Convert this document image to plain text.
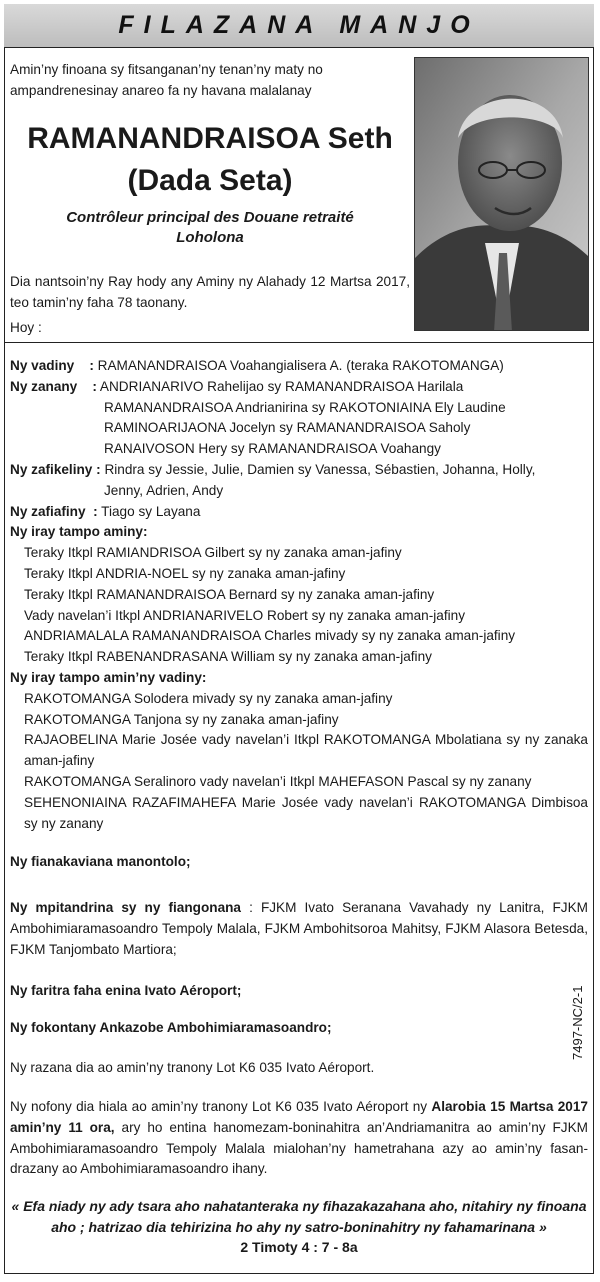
FILAZANA MANJO
Amin’ny finoana sy fitsanganan’ny tenan’ny maty no ampandrenesinay anareo fa ny havana malalanay
RAMANANDRAISOA Seth
(Dada Seta)
Contrôleur principal des Douane retraité
Loholona
Dia nantsoin’ny Ray hody any Aminy ny Alahady 12 Martsa 2017, teo tamin’ny faha 78 taonany.
Hoy :
Ny vadiny    : RAMANANDRAISOA Voahangialisera A. (teraka RAKOTOMANGA)
Ny zanany    : ANDRIANARIVO Rahelijao sy RAMANANDRAISOA Harilala
RAMANANDRAISOA Andrianirina sy RAKOTONIAINA Ely Laudine
RAMINOARIJAONA Jocelyn sy RAMANANDRAISOA Saholy
RANAIVOSON Hery sy RAMANANDRAISOA Voahangy
Ny zafikeliny : Rindra sy Jessie, Julie, Damien sy Vanessa, Sébastien, Johanna, Holly,
Jenny, Adrien, Andy
Ny zafiafiny  : Tiago sy Layana
Ny iray tampo aminy:
Teraky Itkpl RAMIANDRISOA Gilbert sy ny zanaka aman-jafiny
Teraky Itkpl ANDRIA-NOEL sy ny zanaka aman-jafiny
Teraky Itkpl RAMANANDRAISOA Bernard sy ny zanaka aman-jafiny
Vady navelan’i Itkpl ANDRIANARIVELO Robert sy ny zanaka aman-jafiny
ANDRIAMALALA RAMANANDRAISOA Charles mivady sy ny zanaka aman-jafiny
Teraky Itkpl RABENANDRASANA William sy ny zanaka aman-jafiny
Ny iray tampo amin’ny vadiny:
RAKOTOMANGA Solodera mivady sy ny zanaka aman-jafiny
RAKOTOMANGA Tanjona sy ny zanaka aman-jafiny
RAJAOBELINA Marie Josée vady navelan’i Itkpl RAKOTOMANGA Mbolatiana sy ny zanaka aman-jafiny
RAKOTOMANGA Seralinoro vady navelan’i Itkpl MAHEFASON Pascal sy ny zanany
SEHENONIAINA RAZAFIMAHEFA Marie Josée vady navelan’i RAKOTOMANGA Dimbisoa sy ny zanany
Ny fianakaviana manontolo;
Ny mpitandrina sy ny fiangonana : FJKM Ivato Seranana Vavahady ny Lanitra, FJKM Ambohimiaramasoandro Tempoly Malala, FJKM Ambohitsoroa Mahitsy, FJKM Alasora Betesda, FJKM Tanjombato Martiora;
Ny faritra faha enina Ivato Aéroport;
Ny fokontany Ankazobe Ambohimiaramasoandro;
Ny razana dia ao amin’ny tranony Lot K6 035 Ivato Aéroport.
Ny nofony dia hiala ao amin’ny tranony Lot K6 035 Ivato Aéroport ny Alarobia 15 Martsa 2017 amin’ny 11 ora, ary ho entina hanomezam-boninahitra an’Andriamanitra ao amin’ny FJKM Ambohimiaramasoandro Tempoly Malala mialohan’ny hametrahana azy ao amin’ny fasan-drazany ao Ambohimiaramasoandro ihany.
7497-NC/2-1
« Efa niady ny ady tsara aho nahatanteraka ny fihazakazahana aho, nitahiry ny finoana aho ; hatrizao dia tehirizina ho ahy ny satro-boninahitry ny fahamarinana »
2 Timoty 4 : 7 - 8a
